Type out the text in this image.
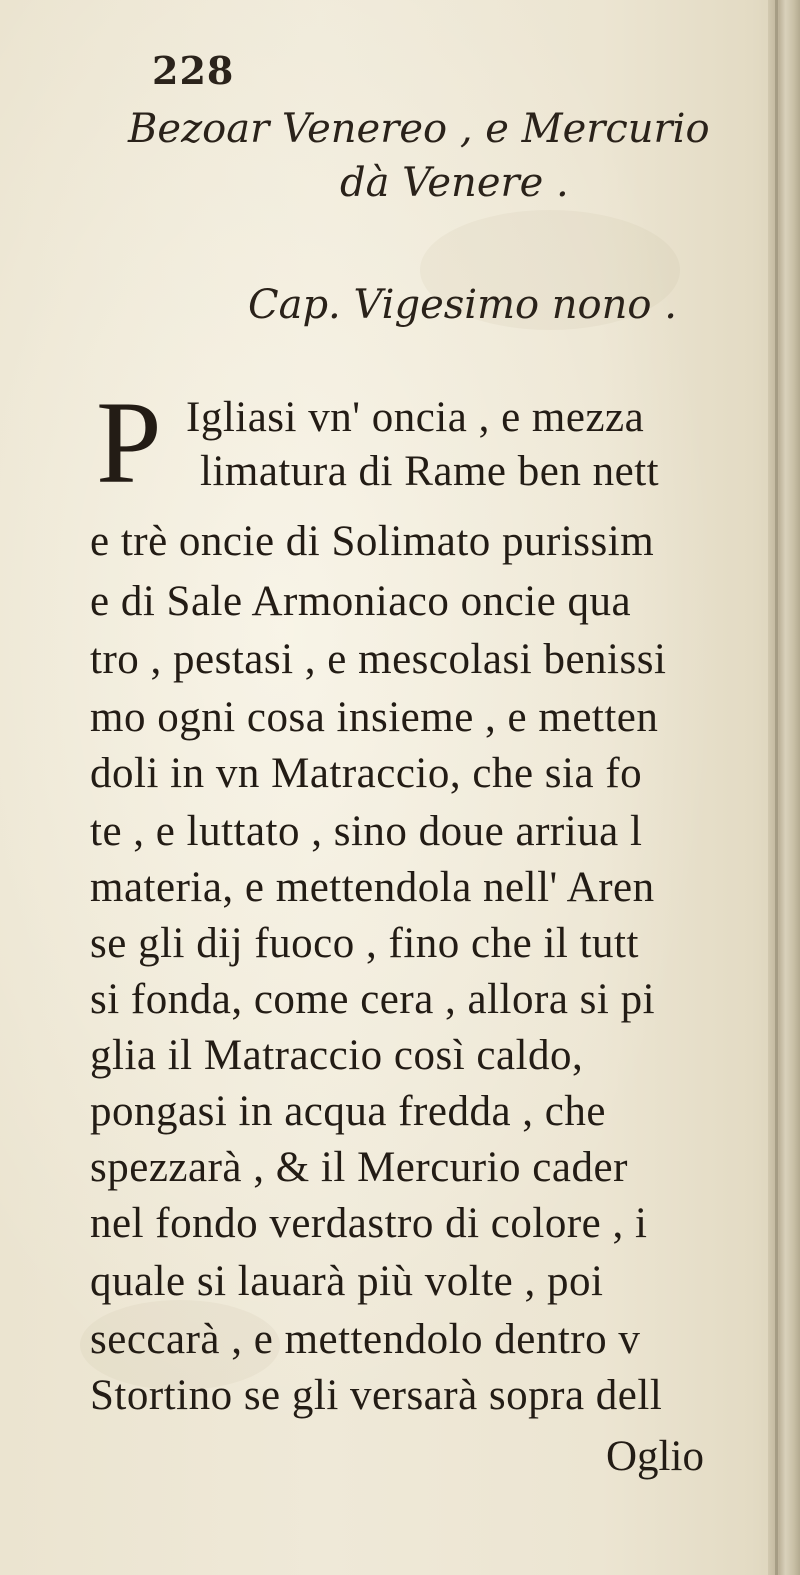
228
Bezoar Venereo , e Mercurio
dà Venere .
Cap. Vigesimo nono .
P Igliasi vn' oncia , e mezza
limatura di Rame ben nett
e trè oncie di Solimato purissim
e di Sale Armoniaco oncie qua
tro , pestasi , e mescolasi benissi
mo ogni cosa insieme , e metten
doli in vn Matraccio, che sia fo
te , e luttato , sino doue arriua l
materia, e mettendola nell' Aren
se gli dij fuoco , fino che il tutt
si fonda, come cera , allora si pi
glia il Matraccio così caldo,
pongasi in acqua fredda , che
spezzarà , & il Mercurio cader
nel fondo verdastro di colore , i
quale si lauarà più volte , poi
seccarà , e mettendolo dentro v
Stortino se gli versarà sopra dell
Oglio
